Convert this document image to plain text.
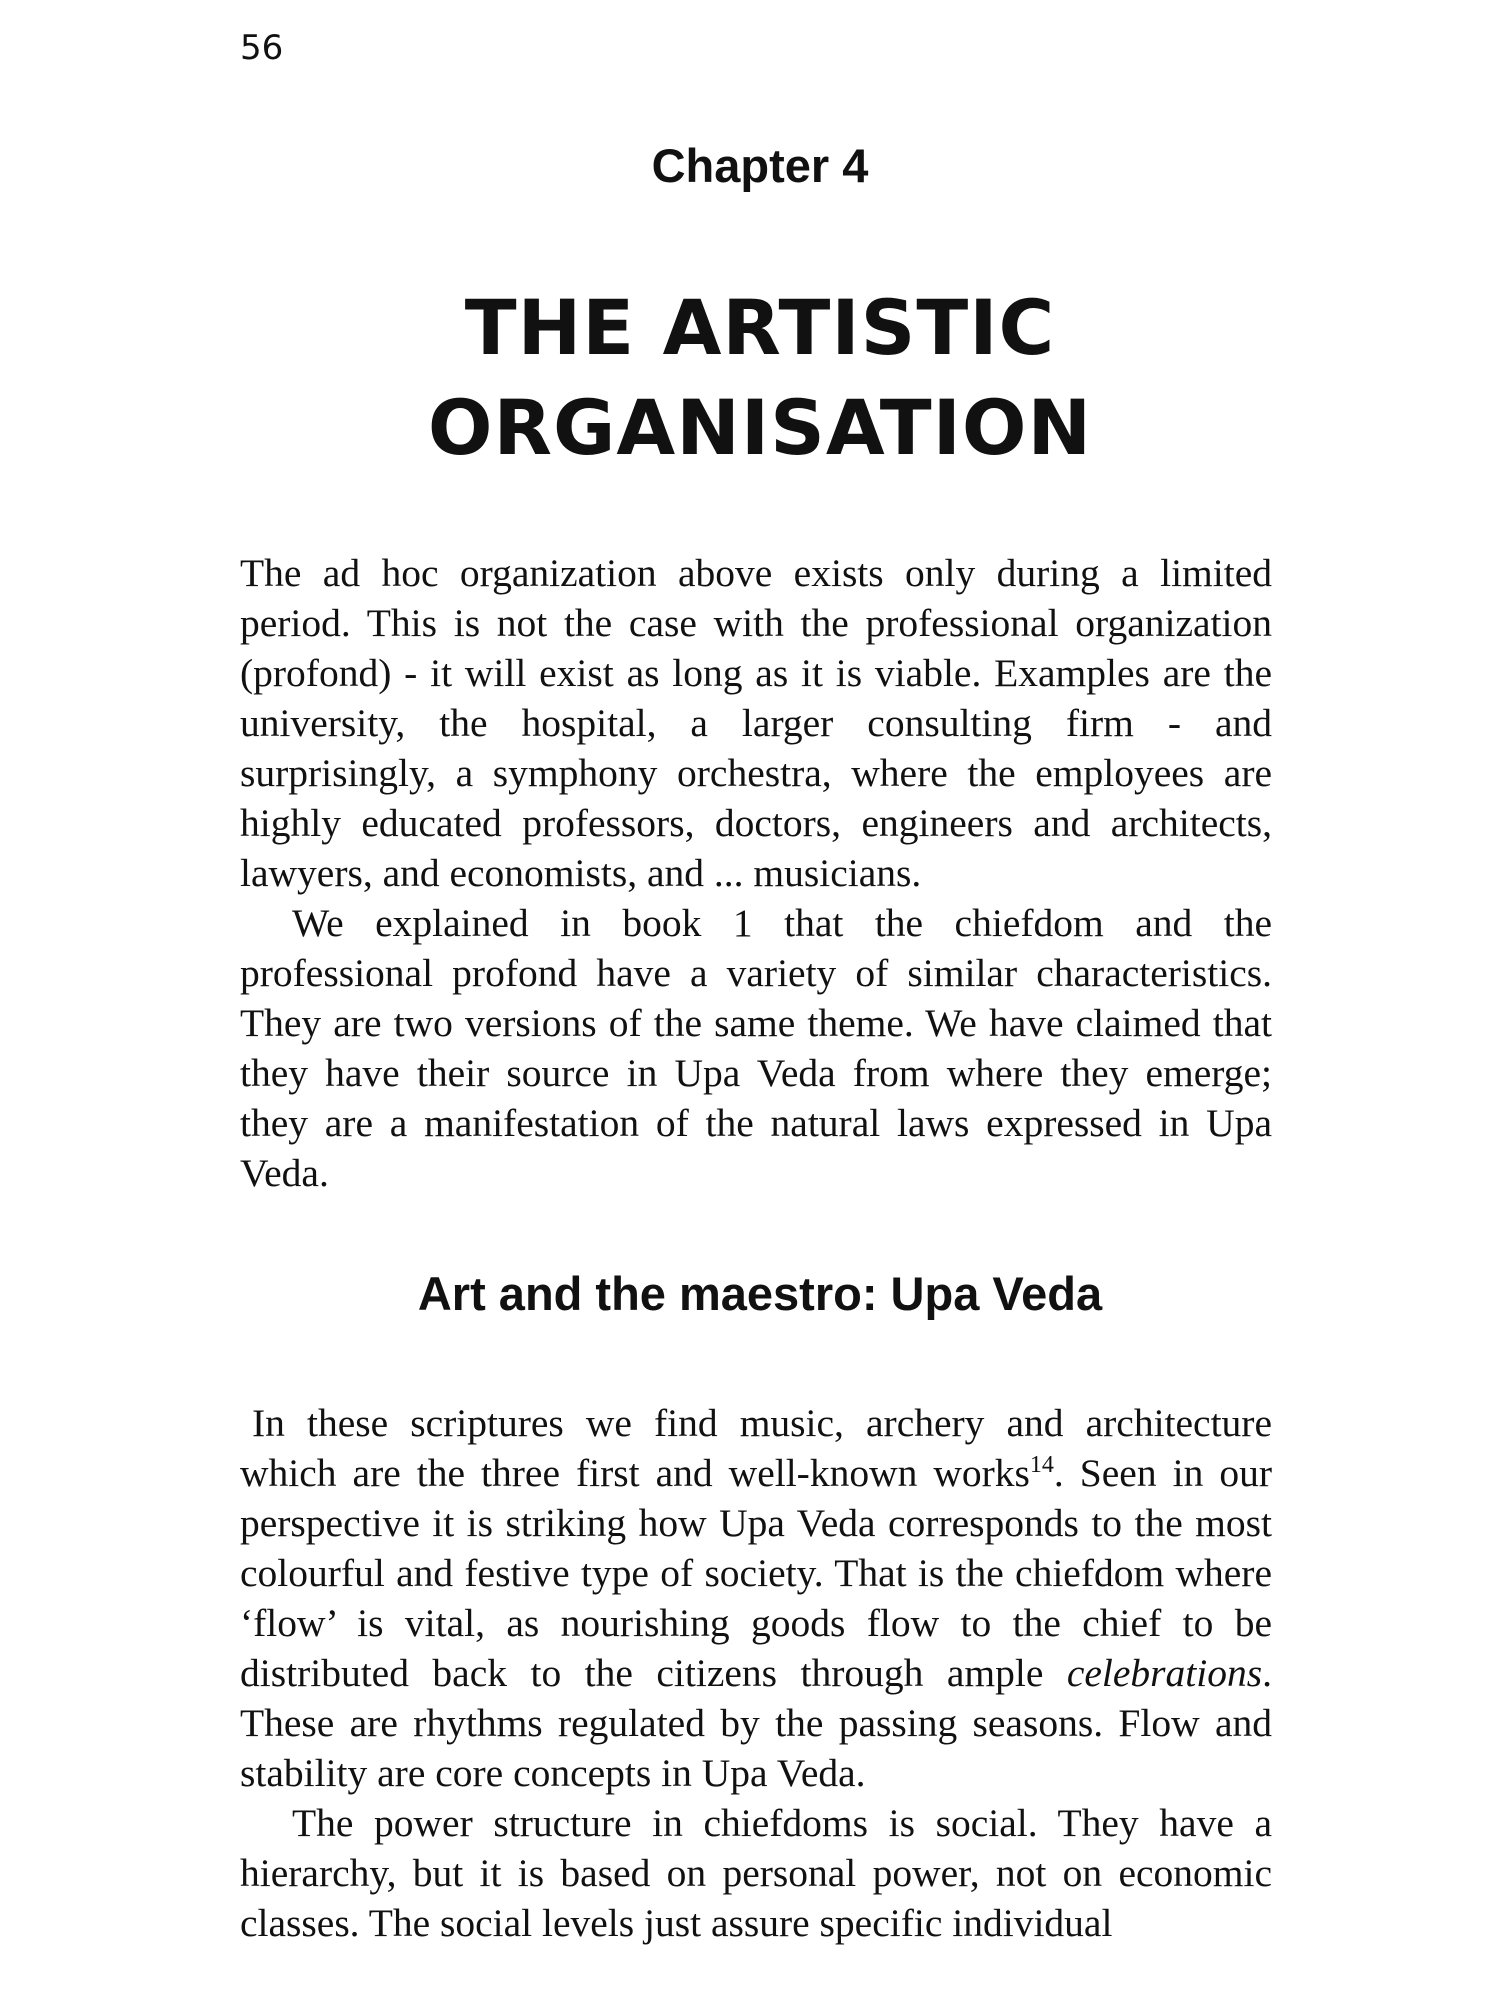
56
Chapter 4
THE ARTISTIC
ORGANISATION

The ad hoc organization above exists only during a limited period. This is not the case with the professional organization (profond) - it will exist as long as it is viable. Examples are the university, the hospital, a larger consulting firm - and surprisingly, a symphony orchestra, where the employees are highly educated professors, doctors, engineers and architects, lawyers, and economists, and ... musicians.

We explained in book 1 that the chiefdom and the professional profond have a variety of similar characteristics. They are two versions of the same theme. We have claimed that they have their source in Upa Veda from where they emerge; they are a manifestation of the natural laws expressed in Upa Veda.

Art and the maestro: Upa Veda

In these scriptures we find music, archery and architecture which are the three first and well-known works$^{14}$. Seen in our perspective it is striking how Upa Veda corresponds to the most colourful and festive type of society. That is the chiefdom where ‘flow’ is vital, as nourishing goods flow to the chief to be distributed back to the citizens through ample celebrations. These are rhythms regulated by the passing seasons. Flow and stability are core concepts in Upa Veda.

The power structure in chiefdoms is social. They have a hierarchy, but it is based on personal power, not on economic classes. The social levels just assure specific individual
